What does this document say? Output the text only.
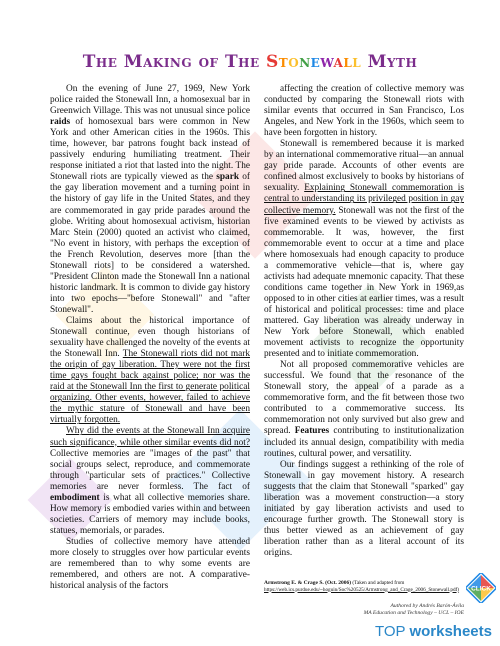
The Making of The Stonewall Myth

On the evening of June 27, 1969, New York police raided the Stonewall Inn, a homosexual bar in Greenwich Village. This was not unusual since police raids of homosexual bars were common in New York and other American cities in the 1960s. This time, however, bar patrons fought back instead of passively enduring humiliating treatment. Their response initiated a riot that lasted into the night. The Stonewall riots are typically viewed as the spark of the gay liberation movement and a turning point in the history of gay life in the United States, and they are commemorated in gay pride parades around the globe. Writing about homosexual activism, historian Marc Stein (2000) quoted an activist who claimed, "No event in history, with perhaps the exception of the French Revolution, deserves more [than the Stonewall riots] to be considered a watershed. "President Clinton made the Stonewall Inn a national historic landmark. It is common to divide gay history into two epochs—"before Stonewall" and "after Stonewall".

Claims about the historical importance of Stonewall continue, even though historians of sexuality have challenged the novelty of the events at the Stonewall Inn. The Stonewall riots did not mark the origin of gay liberation. They were not the first time gays fought back against police; nor was the raid at the Stonewall Inn the first to generate political organizing. Other events, however, failed to achieve the mythic stature of Stonewall and have been virtually forgotten.

Why did the events at the Stonewall Inn acquire such significance, while other similar events did not? Collective memories are "images of the past" that social groups select, reproduce, and commemorate through "particular sets of practices." Collective memories are never formless. The fact of embodiment is what all collective memories share. How memory is embodied varies within and between societies. Carriers of memory may include books, statues, memorials, or parades.

Studies of collective memory have attended more closely to struggles over how particular events are remembered than to why some events are remembered, and others are not. A comparative-historical analysis of the factors

affecting the creation of collective memory was conducted by comparing the Stonewall riots with similar events that occurred in San Francisco, Los Angeles, and New York in the 1960s, which seem to have been forgotten in history.

Stonewall is remembered because it is marked by an international commemorative ritual—an annual gay pride parade. Accounts of other events are confined almost exclusively to books by historians of sexuality. Explaining Stonewall commemoration is central to understanding its privileged position in gay collective memory. Stonewall was not the first of the five examined events to be viewed by activists as commemorable. It was, however, the first commemorable event to occur at a time and place where homosexuals had enough capacity to produce a commemorative vehicle—that is, where gay activists had adequate mnemonic capacity. That these conditions came together in New York in 1969,as opposed to in other cities at earlier times, was a result of historical and political processes: time and place mattered. Gay liberation was already underway in New York before Stonewall, which enabled movement activists to recognize the opportunity presented and to initiate commemoration.

Not all proposed commemorative vehicles are successful. We found that the resonance of the Stonewall story, the appeal of a parade as a commemorative form, and the fit between those two contributed to a commemorative success. Its commemoration not only survived but also grew and spread. Features contributing to institutionalization included its annual design, compatibility with media routines, cultural power, and versatility.

Our findings suggest a rethinking of the role of Stonewall in gay movement history. A research suggests that the claim that Stonewall "sparked" gay liberation was a movement construction—a story initiated by gay liberation activists and used to encourage further growth. The Stonewall story is thus better viewed as an achievement of gay liberation rather than as a literal account of its origins.

Armstrong E. & Crage S. (Oct. 2006) (Taken and adapted from
https://web.ics.purdue.edu/~hoguin/Soc%20525/Armstrong_and_Crage_2006_Stonewall.pdf)
Authored by Andrés Barón-Ávila
MA Education and Technology – UCL – IOE
CLICK
TOP worksheets
